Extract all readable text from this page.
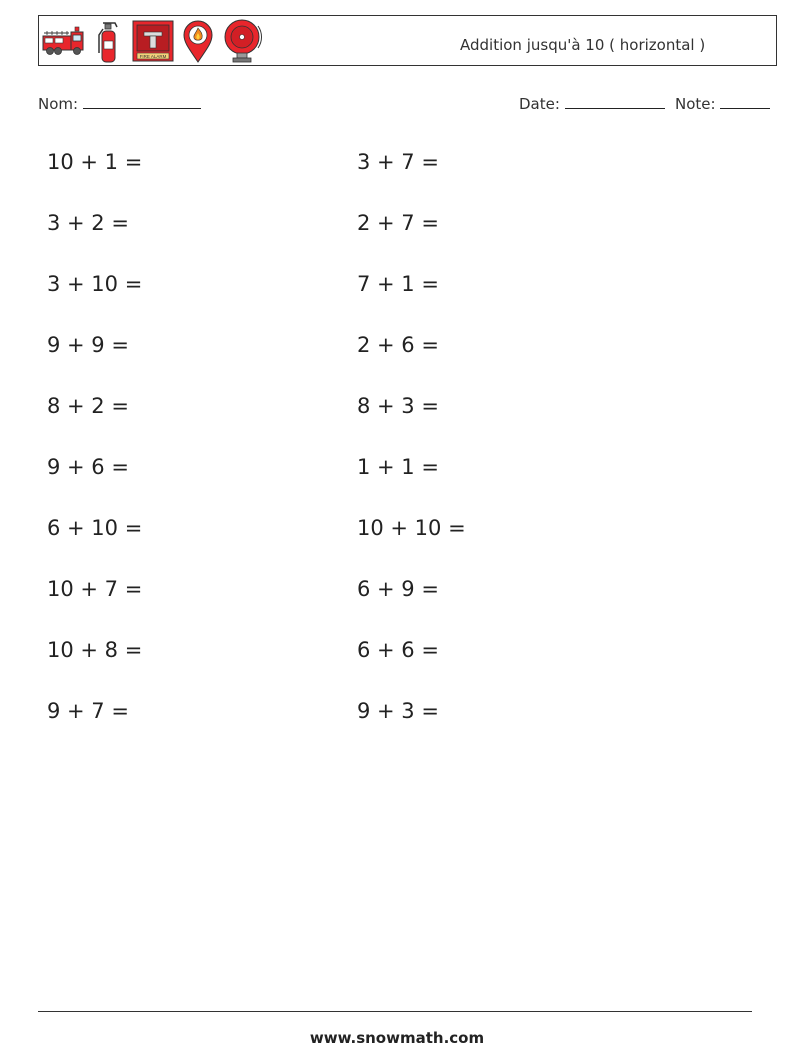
FIRE ALARM
Addition jusqu'à 10 ( horizontal )
Nom:	Date:	Note:
10 + 1 =
3 + 2 =
3 + 10 =
9 + 9 =
8 + 2 =
9 + 6 =
6 + 10 =
10 + 7 =
10 + 8 =
9 + 7 =
3 + 7 =
2 + 7 =
7 + 1 =
2 + 6 =
8 + 3 =
1 + 1 =
10 + 10 =
6 + 9 =
6 + 6 =
9 + 3 =
www.snowmath.com
